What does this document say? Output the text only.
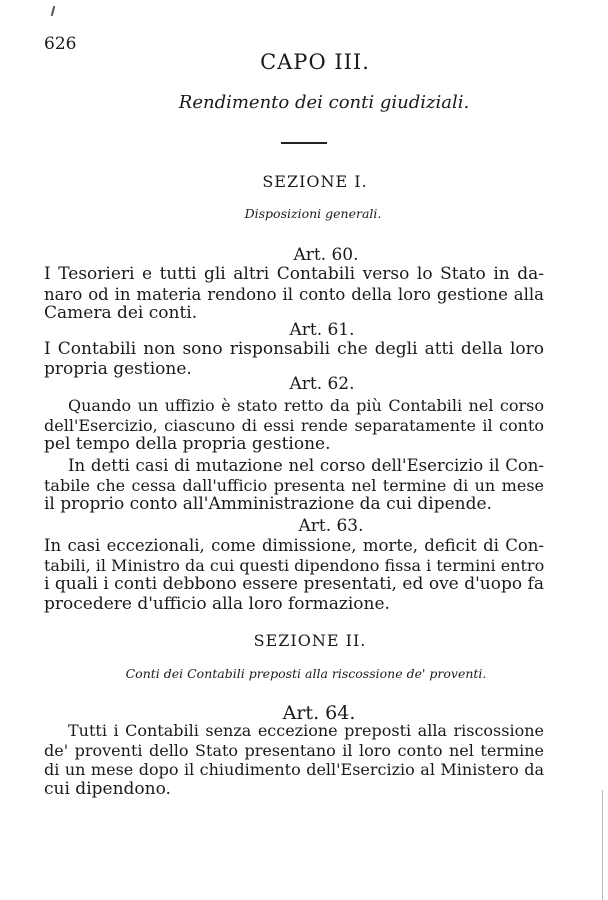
626
CAPO III.
Rendimento dei conti giudiziali.
SEZIONE I.
Disposizioni generali.
Art. 60.
I Tesorieri e tutti gli altri Contabili verso lo Stato in da-
naro od in materia rendono il conto della loro gestione alla
Camera dei conti.
Art. 61.
I Contabili non sono risponsabili che degli atti della loro
propria gestione.
Art. 62.
Quando un uffizio è stato retto da più Contabili nel corso
dell'Esercizio, ciascuno di essi rende separatamente il conto
pel tempo della propria gestione.
In detti casi di mutazione nel corso dell'Esercizio il Con-
tabile che cessa dall'ufficio presenta nel termine di un mese
il proprio conto all'Amministrazione da cui dipende.
Art. 63.
In casi eccezionali, come dimissione, morte, deficit di Con-
tabili, il Ministro da cui questi dipendono fissa i termini entro
i quali i conti debbono essere presentati, ed ove d'uopo fa
procedere d'ufficio alla loro formazione.
SEZIONE II.
Conti dei Contabili preposti alla riscossione de' proventi.
Art. 64.
Tutti i Contabili senza eccezione preposti alla riscossione
de' proventi dello Stato presentano il loro conto nel termine
di un mese dopo il chiudimento dell'Esercizio al Ministero da
cui dipendono.
